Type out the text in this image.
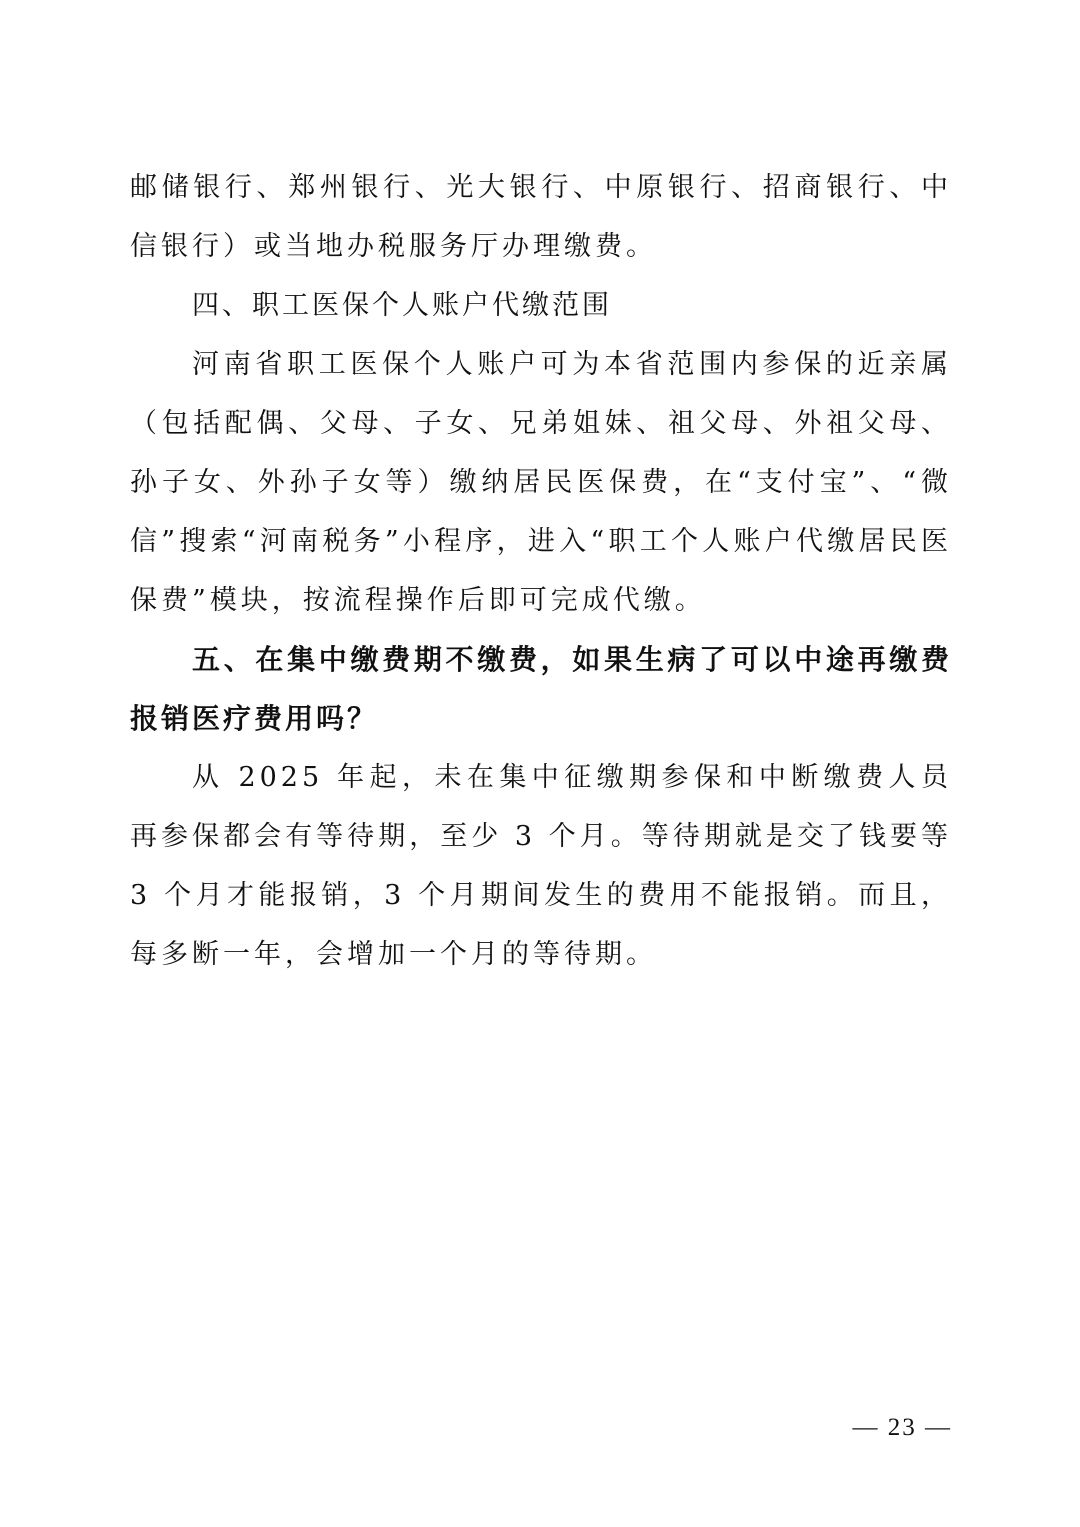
邮储银行、郑州银行、光大银行、中原银行、招商银行、中信银行）或当地办税服务厅办理缴费。

四、职工医保个人账户代缴范围

河南省职工医保个人账户可为本省范围内参保的近亲属（包括配偶、父母、子女、兄弟姐妹、祖父母、外祖父母、孙子女、外孙子女等）缴纳居民医保费，在“支付宝”、“微信”搜索“河南税务”小程序，进入“职工个人账户代缴居民医保费”模块，按流程操作后即可完成代缴。

五、在集中缴费期不缴费，如果生病了可以中途再缴费报销医疗费用吗？

从 2025 年起，未在集中征缴期参保和中断缴费人员再参保都会有等待期，至少 3 个月。等待期就是交了钱要等 3 个月才能报销，3 个月期间发生的费用不能报销。而且，每多断一年，会增加一个月的等待期。

— 23 —
